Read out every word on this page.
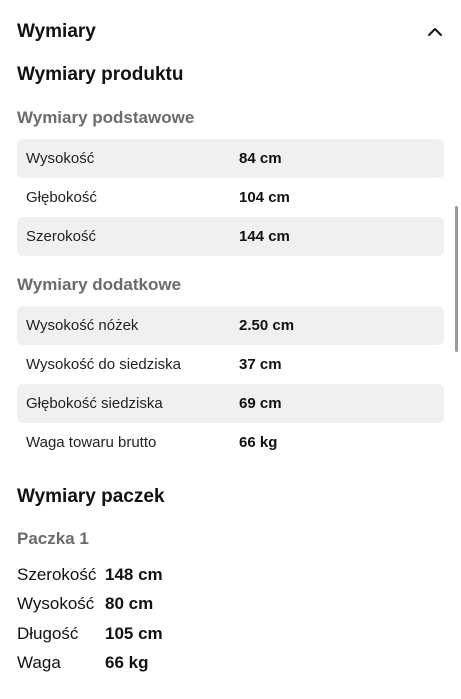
Wymiary
Wymiary produktu
Wymiary podstawowe
Wysokość	84 cm
Głębokość	104 cm
Szerokość	144 cm
Wymiary dodatkowe
Wysokość nóżek	2.50 cm
Wysokość do siedziska	37 cm
Głębokość siedziska	69 cm
Waga towaru brutto	66 kg
Wymiary paczek
Paczka 1
Szerokość 148 cm
Wysokość 80 cm
Długość	105 cm
Waga	66 kg
